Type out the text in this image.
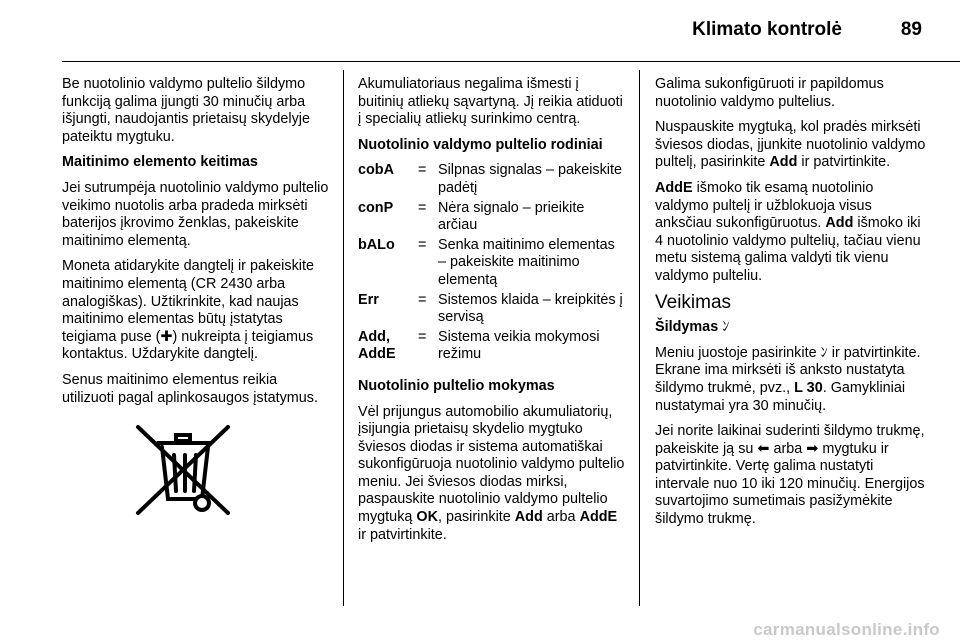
Klimato kontrolė	89

Be nuotolinio valdymo pultelio šildymo funkciją galima įjungti 30 minučių arba išjungti, naudojantis prietaisų skydelyje pateiktu mygtuku.

Maitinimo elemento keitimas

Jei sutrumpėja nuotolinio valdymo pultelio veikimo nuotolis arba pradeda mirksėti baterijos įkrovimo ženklas, pakeiskite maitinimo elementą.

Moneta atidarykite dangtelį ir pakeiskite maitinimo elementą (CR 2430 arba analogiškas). Užtikrinkite, kad naujas maitinimo elementas būtų įstatytas teigiama puse (✚) nukreipta į teigiamus kontaktus. Uždarykite dangtelį.

Senus maitinimo elementus reikia utilizuoti pagal aplinkosaugos įstatymus.

Akumuliatoriaus negalima išmesti į buitinių atliekų sąvartyną. Jį reikia atiduoti į specialių atliekų surinkimo centrą.

Nuotolinio valdymo pultelio rodiniai

cobA	=	Silpnas signalas – pakeiskite padėtį
conP	=	Nėra signalo – prieikite arčiau
bALo	=	Senka maitinimo elementas – pakeiskite maitinimo elementą
Err	=	Sistemos klaida – kreipkitės į servisą
Add, AddE	=	Sistema veikia mokymosi režimu

Nuotolinio pultelio mokymas

Vėl prijungus automobilio akumuliatorių, įsijungia prietaisų skydelio mygtuko šviesos diodas ir sistema automatiškai sukonfigūruoja nuotolinio valdymo pultelio meniu. Jei šviesos diodas mirksi, paspauskite nuotolinio valdymo pultelio mygtuką OK, pasirinkite Add arba AddE ir patvirtinkite.

Galima sukonfigūruoti ir papildomus nuotolinio valdymo pultelius.

Nuspauskite mygtuką, kol pradės mirksėti šviesos diodas, įjunkite nuotolinio valdymo pultelį, pasirinkite Add ir patvirtinkite.

AddE išmoko tik esamą nuotolinio valdymo pultelį ir užblokuoja visus anksčiau sukonfigūruotus. Add išmoko iki 4 nuotolinio valdymo pultelių, tačiau vienu metu sistemą galima valdyti tik vienu valdymo pulteliu.

Veikimas

Šildymas ﾝ

Meniu juostoje pasirinkite ﾝ ir patvirtinkite. Ekrane ima mirksėti iš anksto nustatyta šildymo trukmė, pvz., L 30. Gamykliniai nustatymai yra 30 minučių.

Jei norite laikinai suderinti šildymo trukmę, pakeiskite ją su ⬅ arba ➡ mygtuku ir patvirtinkite. Vertę galima nustatyti intervale nuo 10 iki 120 minučių. Energijos suvartojimo sumetimais pasižymėkite šildymo trukmę.

carmanualsonline.info
